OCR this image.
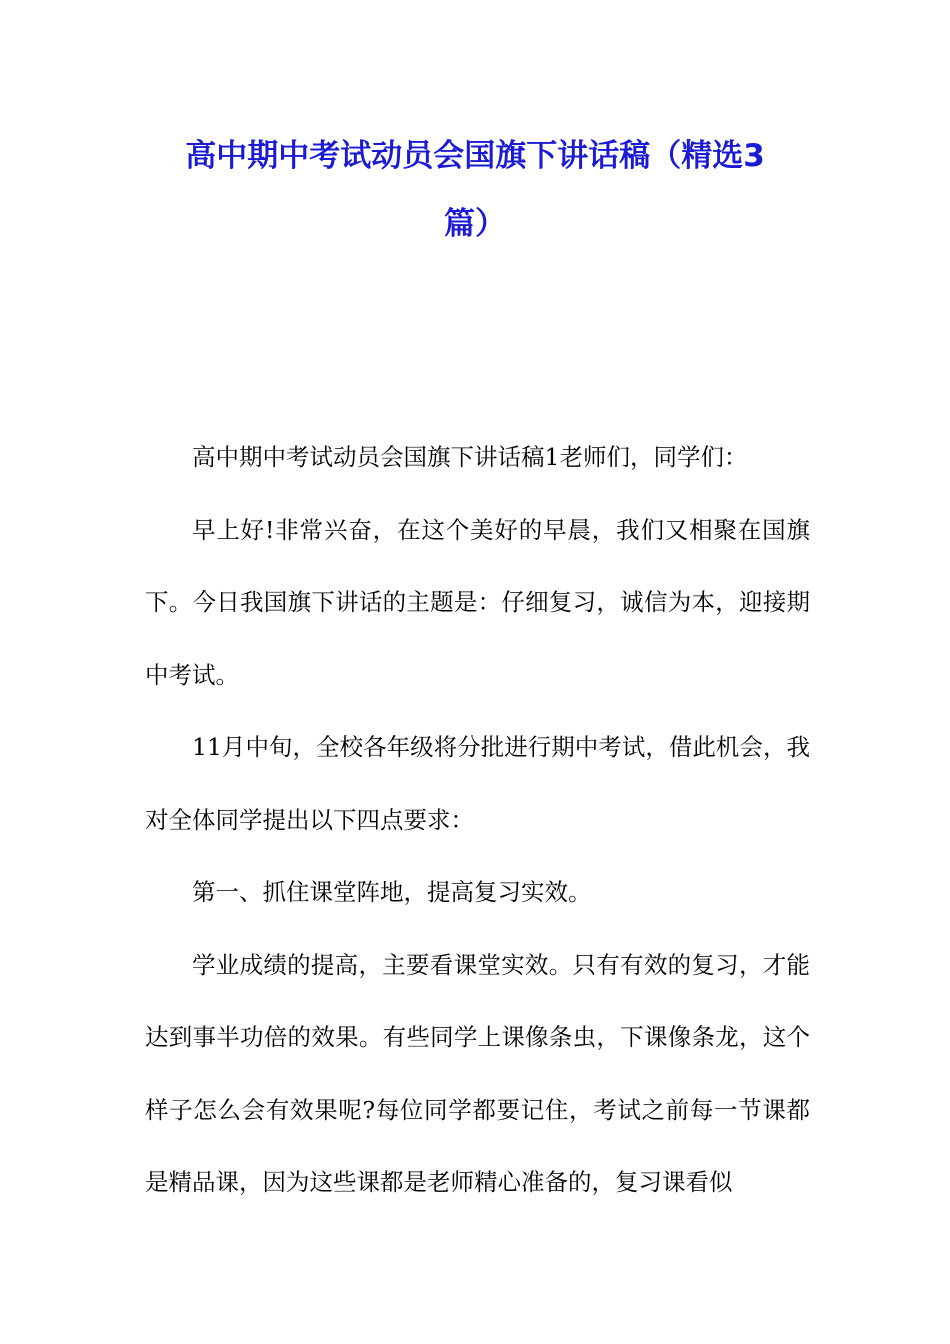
高中期中考试动员会国旗下讲话稿（精选3
篇）

高中期中考试动员会国旗下讲话稿1老师们，同学们：

早上好!非常兴奋，在这个美好的早晨，我们又相聚在国旗下。今日我国旗下讲话的主题是：仔细复习，诚信为本，迎接期中考试。

11月中旬，全校各年级将分批进行期中考试，借此机会，我对全体同学提出以下四点要求：

第一、抓住课堂阵地，提高复习实效。

学业成绩的提高，主要看课堂实效。只有有效的复习，才能达到事半功倍的效果。有些同学上课像条虫，下课像条龙，这个样子怎么会有效果呢?每位同学都要记住，考试之前每一节课都是精品课，因为这些课都是老师精心准备的，复习课看似
